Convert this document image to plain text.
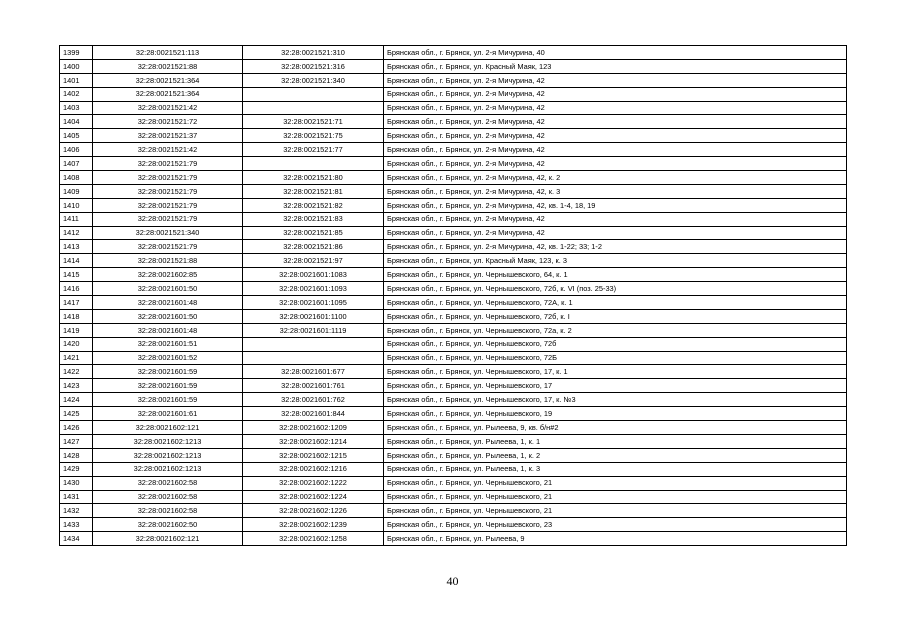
1399	32:28:0021521:113	32:28:0021521:310	Брянская обл., г. Брянск, ул. 2-я Мичурина, 40
1400	32:28:0021521:88	32:28:0021521:316	Брянская обл., г. Брянск, ул. Красный Маяк, 123
1401	32:28:0021521:364	32:28:0021521:340	Брянская обл., г. Брянск, ул. 2-я Мичурина, 42
1402	32:28:0021521:364		Брянская обл., г. Брянск, ул. 2-я Мичурина, 42
1403	32:28:0021521:42		Брянская обл., г. Брянск, ул. 2-я Мичурина, 42
1404	32:28:0021521:72	32:28:0021521:71	Брянская обл., г. Брянск, ул. 2-я Мичурина, 42
1405	32:28:0021521:37	32:28:0021521:75	Брянская обл., г. Брянск, ул. 2-я Мичурина, 42
1406	32:28:0021521:42	32:28:0021521:77	Брянская обл., г. Брянск, ул. 2-я Мичурина, 42
1407	32:28:0021521:79		Брянская обл., г. Брянск, ул. 2-я Мичурина, 42
1408	32:28:0021521:79	32:28:0021521:80	Брянская обл., г. Брянск, ул. 2-я Мичурина, 42, к. 2
1409	32:28:0021521:79	32:28:0021521:81	Брянская обл., г. Брянск, ул. 2-я Мичурина, 42, к. 3
1410	32:28:0021521:79	32:28:0021521:82	Брянская обл., г. Брянск, ул. 2-я Мичурина, 42, кв. 1-4, 18, 19
1411	32:28:0021521:79	32:28:0021521:83	Брянская обл., г. Брянск, ул. 2-я Мичурина, 42
1412	32:28:0021521:340	32:28:0021521:85	Брянская обл., г. Брянск, ул. 2-я Мичурина, 42
1413	32:28:0021521:79	32:28:0021521:86	Брянская обл., г. Брянск, ул. 2-я Мичурина, 42, кв. 1-22; 33; 1-2
1414	32:28:0021521:88	32:28:0021521:97	Брянская обл., г. Брянск, ул. Красный Маяк, 123, к. 3
1415	32:28:0021602:85	32:28:0021601:1083	Брянская обл., г. Брянск, ул. Чернышевского, 64, к. 1
1416	32:28:0021601:50	32:28:0021601:1093	Брянская обл., г. Брянск, ул. Чернышевского, 72б, к. VI (поз. 25-33)
1417	32:28:0021601:48	32:28:0021601:1095	Брянская обл., г. Брянск, ул. Чернышевского, 72А, к. 1
1418	32:28:0021601:50	32:28:0021601:1100	Брянская обл., г. Брянск, ул. Чернышевского, 72б, к. I
1419	32:28:0021601:48	32:28:0021601:1119	Брянская обл., г. Брянск, ул. Чернышевского, 72а, к. 2
1420	32:28:0021601:51		Брянская обл., г. Брянск, ул. Чернышевского, 72б
1421	32:28:0021601:52		Брянская обл., г. Брянск, ул. Чернышевского, 72Б
1422	32:28:0021601:59	32:28:0021601:677	Брянская обл., г. Брянск, ул. Чернышевского, 17, к. 1
1423	32:28:0021601:59	32:28:0021601:761	Брянская обл., г. Брянск, ул. Чернышевского, 17
1424	32:28:0021601:59	32:28:0021601:762	Брянская обл., г. Брянск, ул. Чернышевского, 17, к. №3
1425	32:28:0021601:61	32:28:0021601:844	Брянская обл., г. Брянск, ул. Чернышевского, 19
1426	32:28:0021602:121	32:28:0021602:1209	Брянская обл., г. Брянск, ул. Рылеева, 9, кв. б/н#2
1427	32:28:0021602:1213	32:28:0021602:1214	Брянская обл., г. Брянск, ул. Рылеева, 1, к. 1
1428	32:28:0021602:1213	32:28:0021602:1215	Брянская обл., г. Брянск, ул. Рылеева, 1, к. 2
1429	32:28:0021602:1213	32:28:0021602:1216	Брянская обл., г. Брянск, ул. Рылеева, 1, к. 3
1430	32:28:0021602:58	32:28:0021602:1222	Брянская обл., г. Брянск, ул. Чернышевского, 21
1431	32:28:0021602:58	32:28:0021602:1224	Брянская обл., г. Брянск, ул. Чернышевского, 21
1432	32:28:0021602:58	32:28:0021602:1226	Брянская обл., г. Брянск, ул. Чернышевского, 21
1433	32:28:0021602:50	32:28:0021602:1239	Брянская обл., г. Брянск, ул. Чернышевского, 23
1434	32:28:0021602:121	32:28:0021602:1258	Брянская обл., г. Брянск, ул. Рылеева, 9
40
